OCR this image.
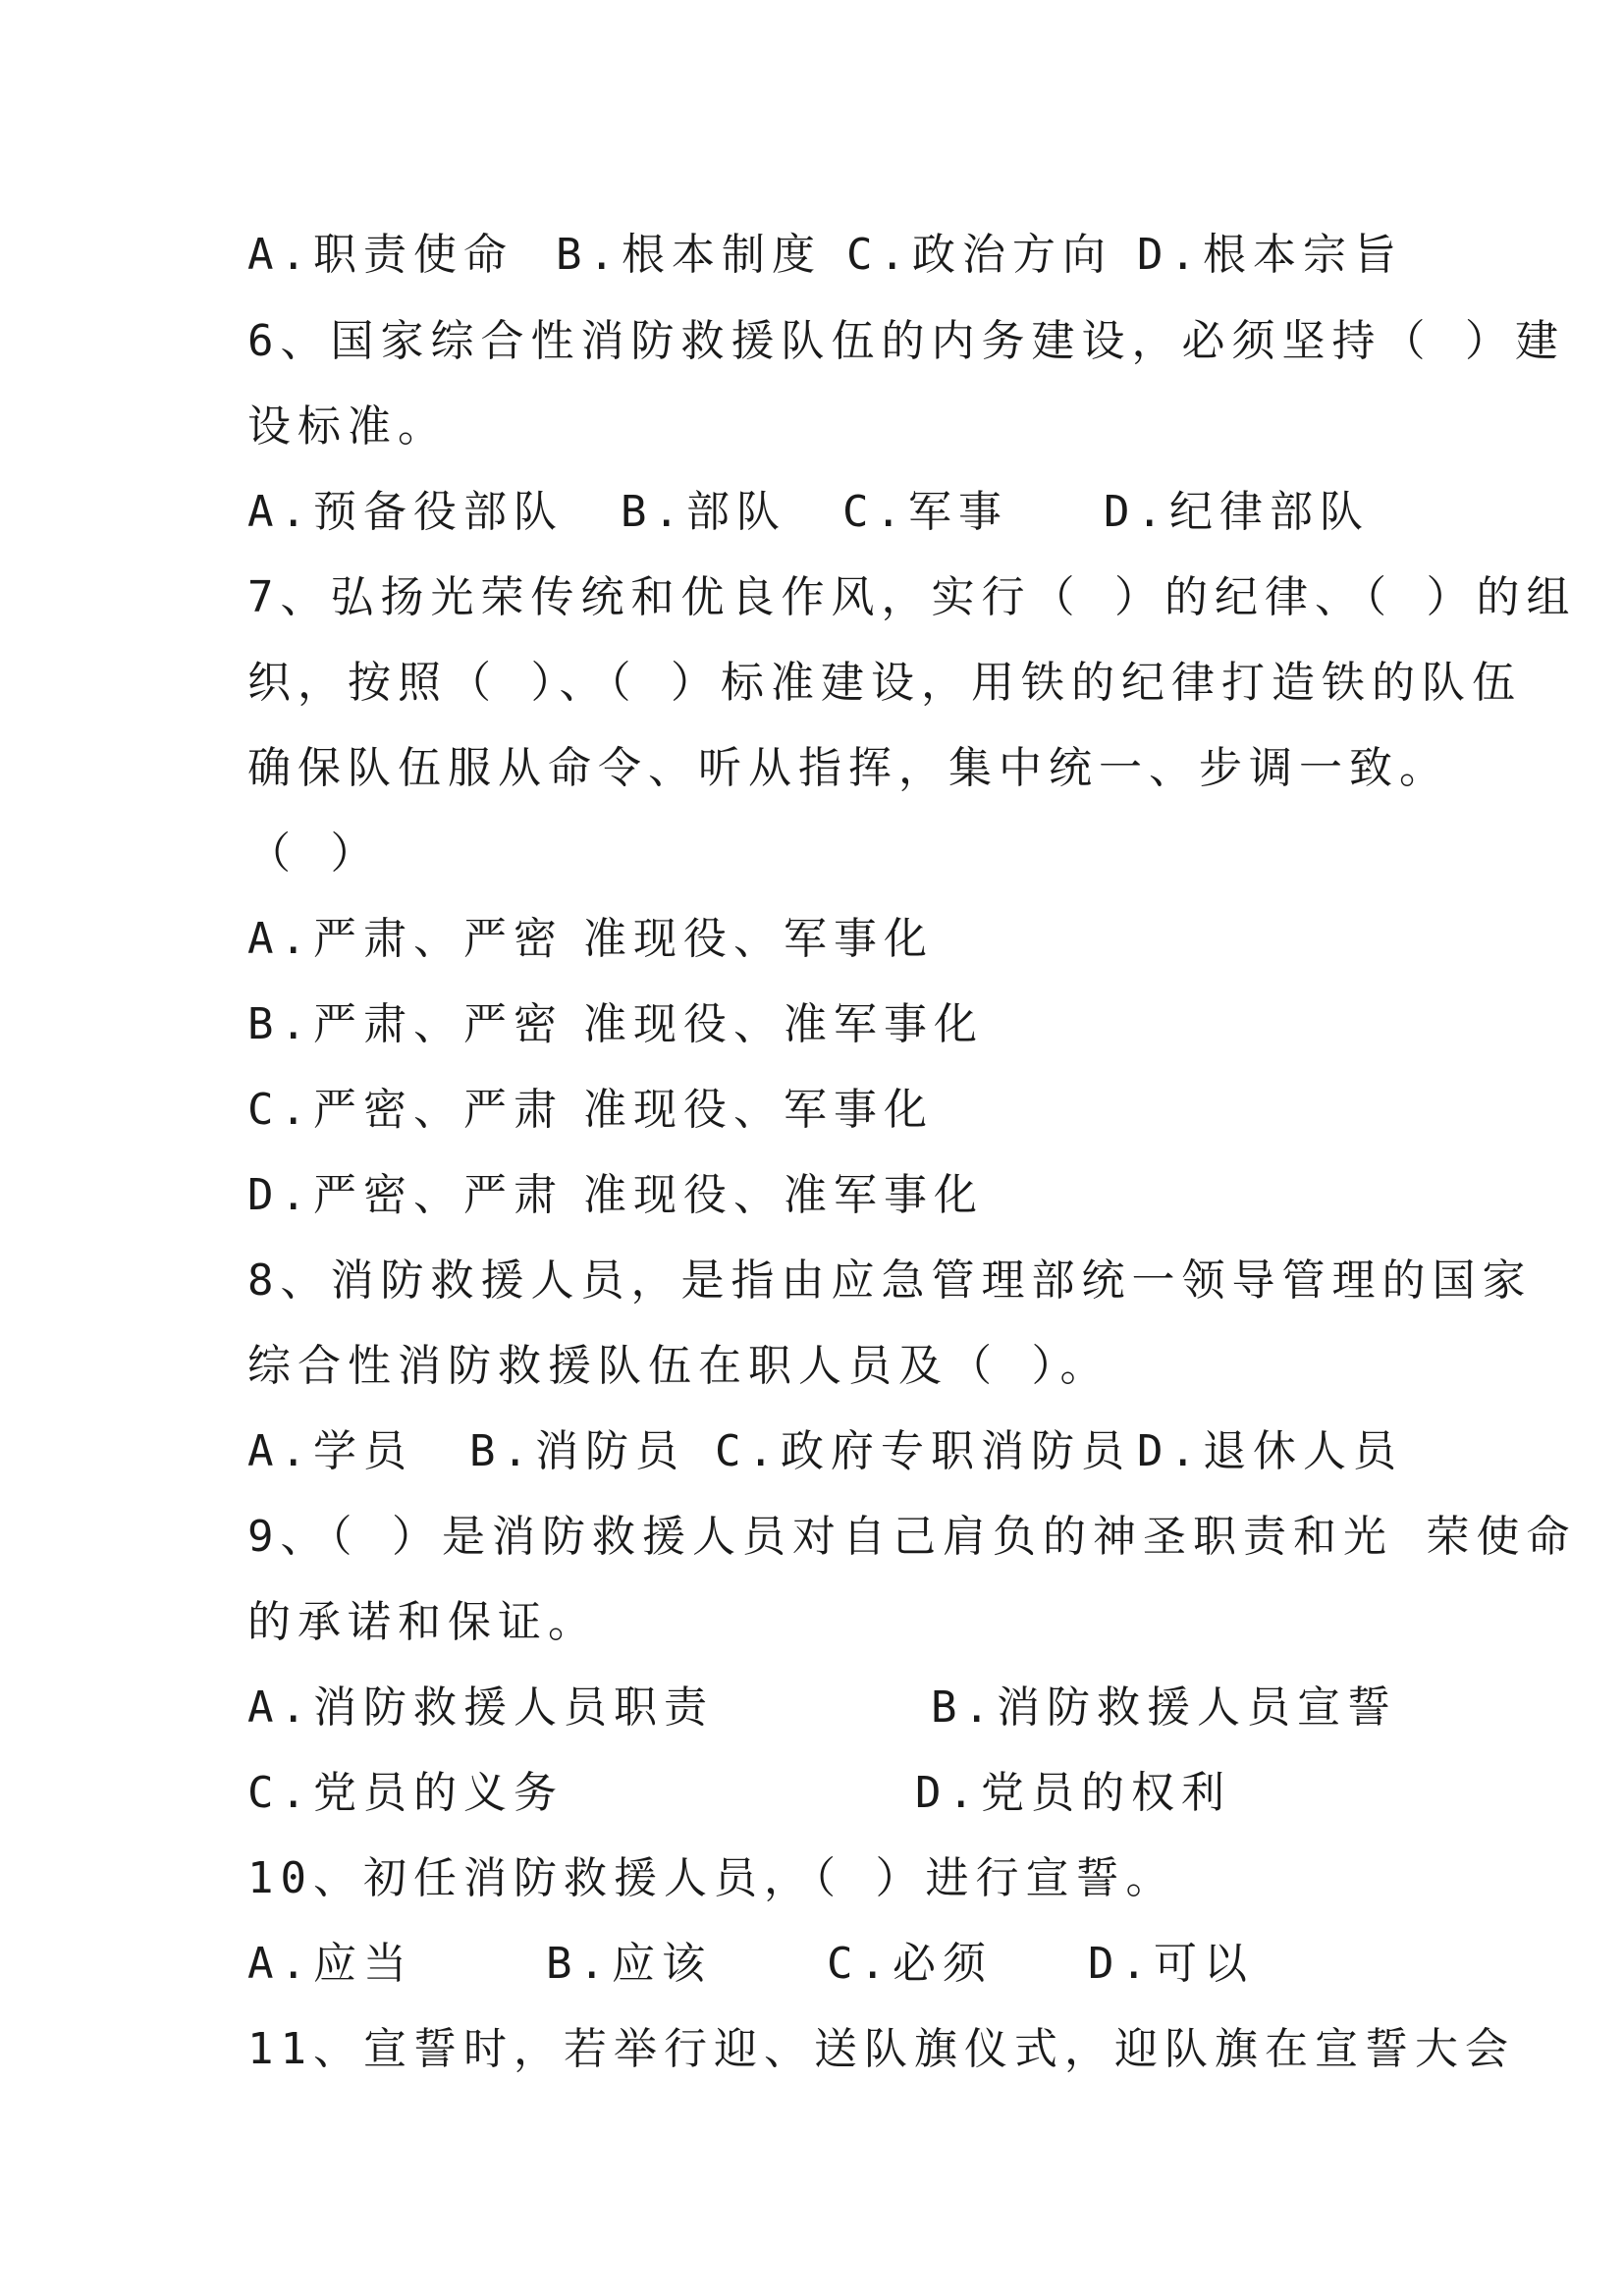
A.职责使命 B.根本制度 C.政治方向 D.根本宗旨
6、国家综合性消防救援队伍的内务建设，必须坚持（ ）建
设标准。
A.预备役部队 B.部队 C.军事 D.纪律部队
7、弘扬光荣传统和优良作风，实行（ ）的纪律、（ ）的组
织，按照（ ）、（ ）标准建设，用铁的纪律打造铁的队伍
确保队伍服从命令、听从指挥，集中统一、步调一致。
（ ）
A.严肃、严密 准现役、军事化
B.严肃、严密 准现役、准军事化
C.严密、严肃 准现役、军事化
D.严密、严肃 准现役、准军事化
8、消防救援人员，是指由应急管理部统一领导管理的国家
综合性消防救援队伍在职人员及（ ）。
A.学员 B.消防员 C.政府专职消防员 D.退休人员
9、（ ）是消防救援人员对自己肩负的神圣职责和光 荣使命
的承诺和保证。
A.消防救援人员职责	B.消防救援人员宣誓
C.党员的义务	D.党员的权利
10、初任消防救援人员，（ ）进行宣誓。
A.应当	B.应该	C.必须 D.可以
11、宣誓时，若举行迎、送队旗仪式，迎队旗在宣誓大会
